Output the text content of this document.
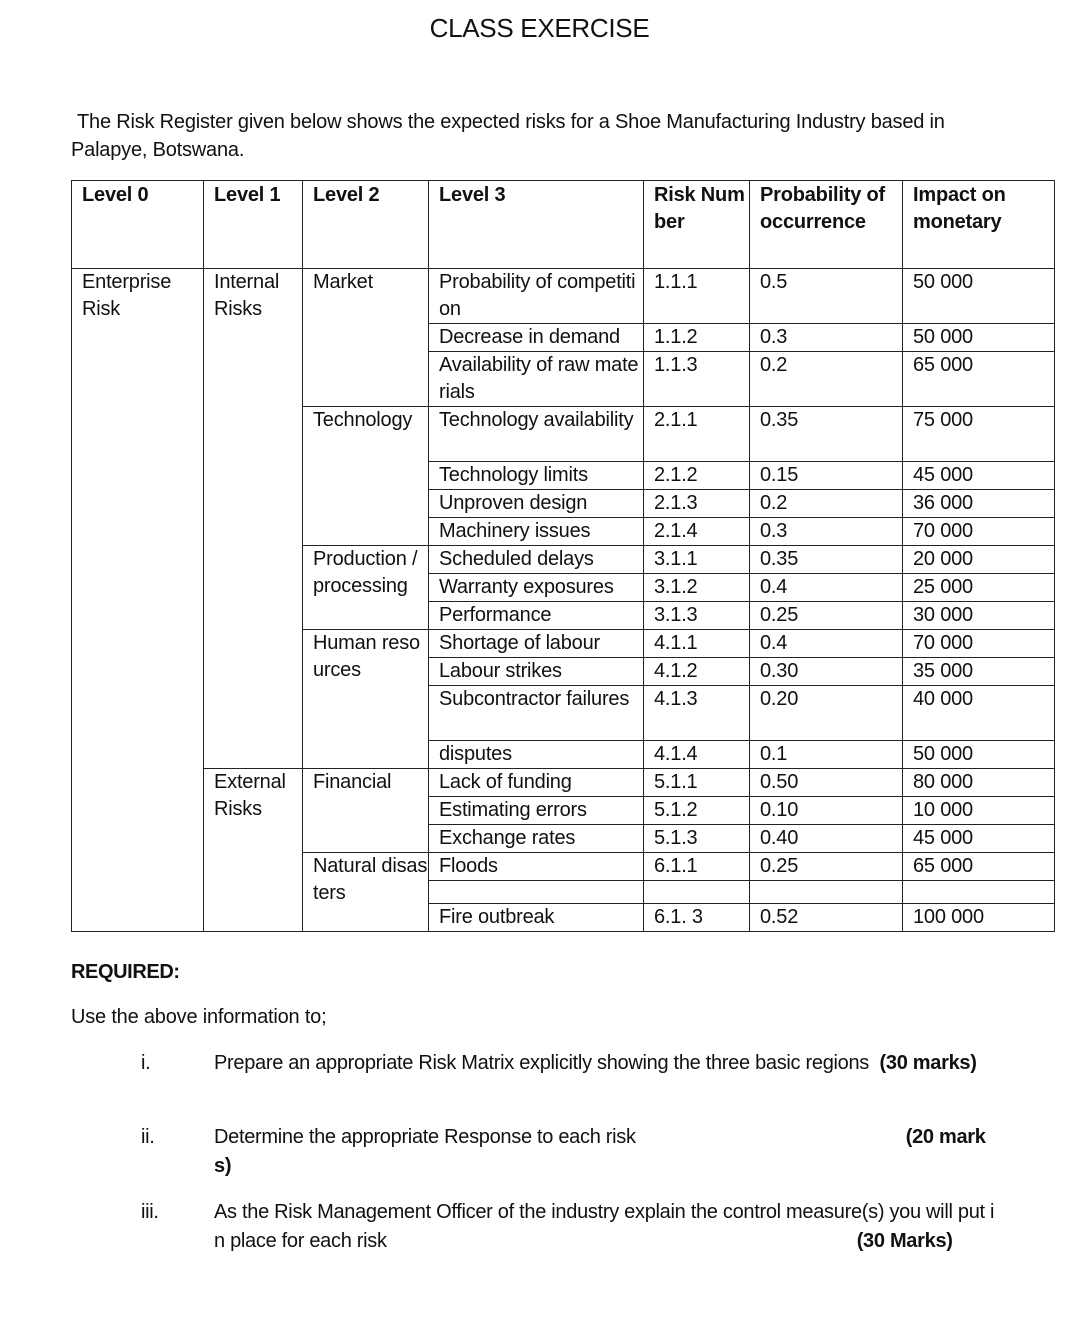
CLASS EXERCISE
The Risk Register given below shows the expected risks for a Shoe Manufacturing Industry based in
Palapye, Botswana.
Level 0	Level 1	Level 2	Level 3	Risk Number	Probability of occurrence	Impact on monetary

Enterprise Risk	Internal Risks	Market	Probability of competition	1.1.1	0.5	50 000
			Decrease in demand	1.1.2	0.3	50 000
			Availability of raw materials	1.1.3	0.2	65 000
		Technology	Technology availability	2.1.1	0.35	75 000
			Technology limits	2.1.2	0.15	45 000
			Unproven design	2.1.3	0.2	36 000
			Machinery issues	2.1.4	0.3	70 000
		Production /processing	Scheduled delays	3.1.1	0.35	20 000
			Warranty exposures	3.1.2	0.4	25 000
			Performance	3.1.3	0.25	30 000
		Human resources	Shortage of labour	4.1.1	0.4	70 000
			Labour strikes	4.1.2	0.30	35 000
			Subcontractor failures	4.1.3	0.20	40 000
			disputes	4.1.4	0.1	50 000
	External Risks	Financial	Lack of funding	5.1.1	0.50	80 000
			Estimating errors	5.1.2	0.10	10 000
			Exchange rates	5.1.3	0.40	45 000
		Natural disasters	Floods	6.1.1	0.25	65 000

			Fire outbreak	6.1. 3	0.52	100 000
REQUIRED:
Use the above information to;
i.	Prepare an appropriate Risk Matrix explicitly showing the three basic regions (30 marks)
ii.	Determine the appropriate Response to each risk	(20 marks)
iii.	As the Risk Management Officer of the industry explain the control measure(s) you will put in place for each risk	(30 Marks)
